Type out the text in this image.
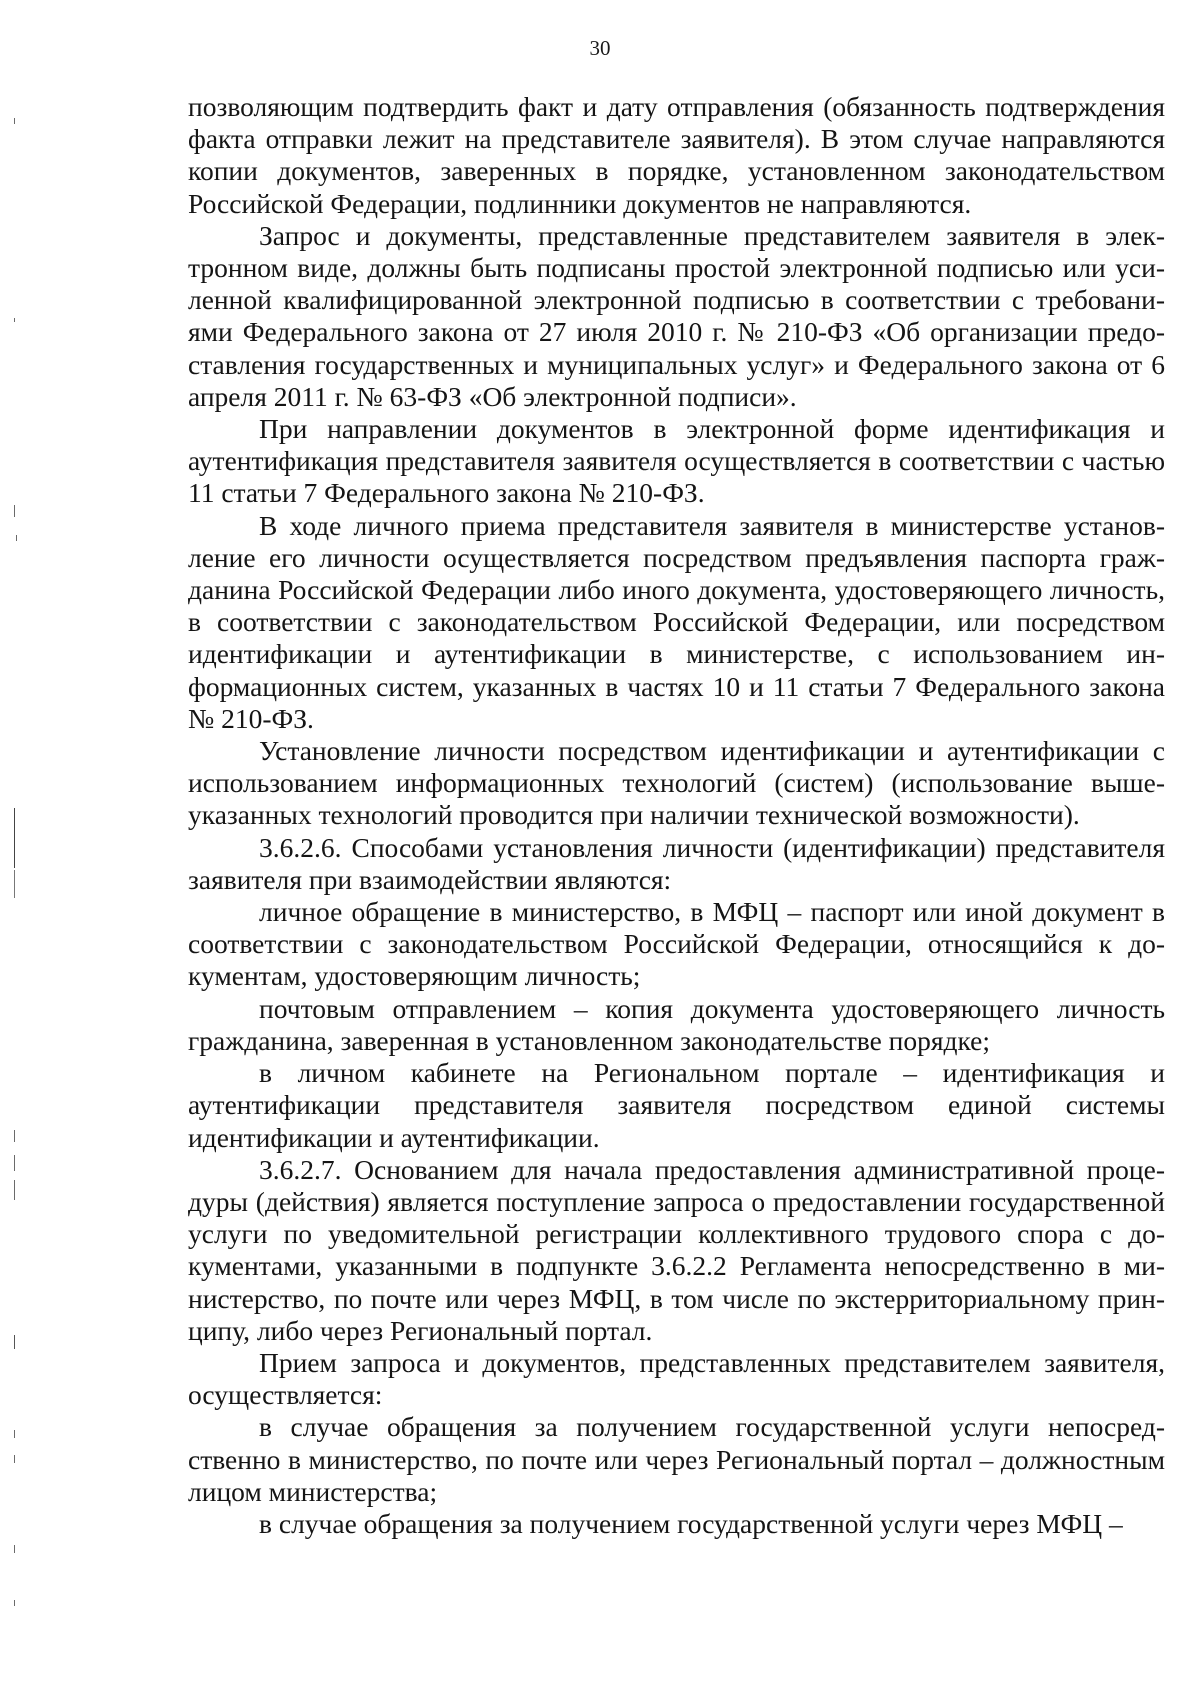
30

позволяющим подтвердить факт и дату отправления (обязанность подтверждения факта отправки лежит на представителе заявителя). В этом случае направляются копии документов, заверенных в порядке, установленном законодательством Российской Федерации, подлинники документов не направляются.

Запрос и документы, представленные представителем заявителя в электронном виде, должны быть подписаны простой электронной подписью или усиленной квалифицированной электронной подписью в соответствии с требованиями Федерального закона от 27 июля 2010 г. № 210-ФЗ «Об организации предоставления государственных и муниципальных услуг» и Федерального закона от 6 апреля 2011 г. № 63-ФЗ «Об электронной подписи».

При направлении документов в электронной форме идентификация и аутентификация представителя заявителя осуществляется в соответствии с частью 11 статьи 7 Федерального закона № 210-ФЗ.

В ходе личного приема представителя заявителя в министерстве установление его личности осуществляется посредством предъявления паспорта гражданина Российской Федерации либо иного документа, удостоверяющего личность, в соответствии с законодательством Российской Федерации, или посредством идентификации и аутентификации в министерстве, с использованием информационных систем, указанных в частях 10 и 11 статьи 7 Федерального закона № 210-ФЗ.

Установление личности посредством идентификации и аутентификации с использованием информационных технологий (систем) (использование вышеуказанных технологий проводится при наличии технической возможности).

3.6.2.6. Способами установления личности (идентификации) представителя заявителя при взаимодействии являются:

личное обращение в министерство, в МФЦ – паспорт или иной документ в соответствии с законодательством Российской Федерации, относящийся к документам, удостоверяющим личность;

почтовым отправлением – копия документа удостоверяющего личность гражданина, заверенная в установленном законодательстве порядке;

в личном кабинете на Региональном портале – идентификация и аутентификации представителя заявителя посредством единой системы идентификации и аутентификации.

3.6.2.7. Основанием для начала предоставления административной процедуры (действия) является поступление запроса о предоставлении государственной услуги по уведомительной регистрации коллективного трудового спора с документами, указанными в подпункте 3.6.2.2 Регламента непосредственно в министерство, по почте или через МФЦ, в том числе по экстерриториальному принципу, либо через Региональный портал.

Прием запроса и документов, представленных представителем заявителя, осуществляется:

в случае обращения за получением государственной услуги непосредственно в министерство, по почте или через Региональный портал – должностным лицом министерства;

в случае обращения за получением государственной услуги через МФЦ –
